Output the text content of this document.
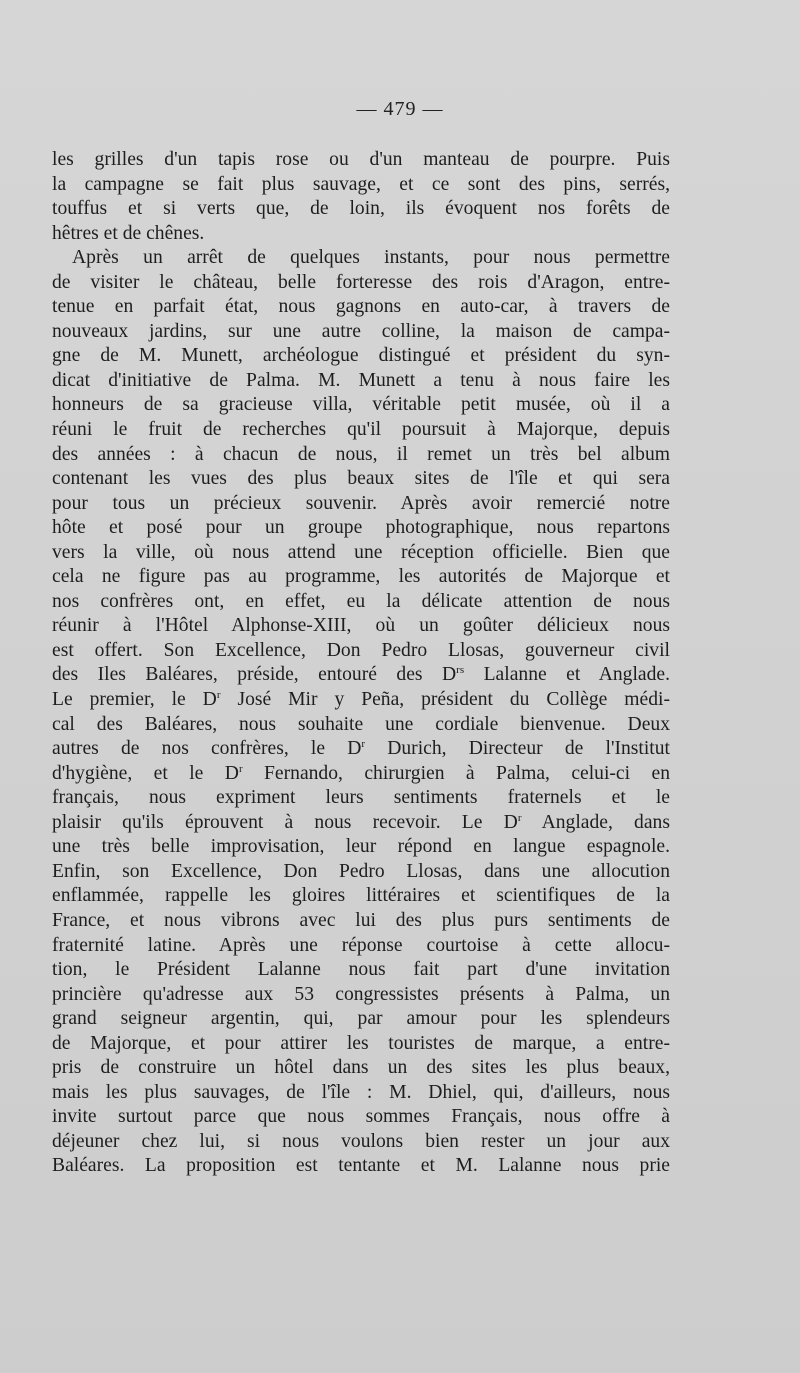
— 479 —
les grilles d'un tapis rose ou d'un manteau de pourpre. Puis
la campagne se fait plus sauvage, et ce sont des pins, serrés,
touffus et si verts que, de loin, ils évoquent nos forêts de
hêtres et de chênes.
Après un arrêt de quelques instants, pour nous permettre
de visiter le château, belle forteresse des rois d'Aragon, entre-
tenue en parfait état, nous gagnons en auto-car, à travers de
nouveaux jardins, sur une autre colline, la maison de campa-
gne de M. Munett, archéologue distingué et président du syn-
dicat d'initiative de Palma. M. Munett a tenu à nous faire les
honneurs de sa gracieuse villa, véritable petit musée, où il a
réuni le fruit de recherches qu'il poursuit à Majorque, depuis
des années : à chacun de nous, il remet un très bel album
contenant les vues des plus beaux sites de l'île et qui sera
pour tous un précieux souvenir. Après avoir remercié notre
hôte et posé pour un groupe photographique, nous repartons
vers la ville, où nous attend une réception officielle. Bien que
cela ne figure pas au programme, les autorités de Majorque et
nos confrères ont, en effet, eu la délicate attention de nous
réunir à l'Hôtel Alphonse-XIII, où un goûter délicieux nous
est offert. Son Excellence, Don Pedro Llosas, gouverneur civil
des Iles Baléares, préside, entouré des $D^{rs}$ Lalanne et Anglade.
Le premier, le $D^r$ José Mir y Peña, président du Collège médi-
cal des Baléares, nous souhaite une cordiale bienvenue. Deux
autres de nos confrères, le $D^r$ Durich, Directeur de l'Institut
d'hygiène, et le $D^r$ Fernando, chirurgien à Palma, celui-ci en
français, nous expriment leurs sentiments fraternels et le
plaisir qu'ils éprouvent à nous recevoir. Le $D^r$ Anglade, dans
une très belle improvisation, leur répond en langue espagnole.
Enfin, son Excellence, Don Pedro Llosas, dans une allocution
enflammée, rappelle les gloires littéraires et scientifiques de la
France, et nous vibrons avec lui des plus purs sentiments de
fraternité latine. Après une réponse courtoise à cette allocu-
tion, le Président Lalanne nous fait part d'une invitation
princière qu'adresse aux 53 congressistes présents à Palma, un
grand seigneur argentin, qui, par amour pour les splendeurs
de Majorque, et pour attirer les touristes de marque, a entre-
pris de construire un hôtel dans un des sites les plus beaux,
mais les plus sauvages, de l'île : M. Dhiel, qui, d'ailleurs, nous
invite surtout parce que nous sommes Français, nous offre à
déjeuner chez lui, si nous voulons bien rester un jour aux
Baléares. La proposition est tentante et M. Lalanne nous prie
